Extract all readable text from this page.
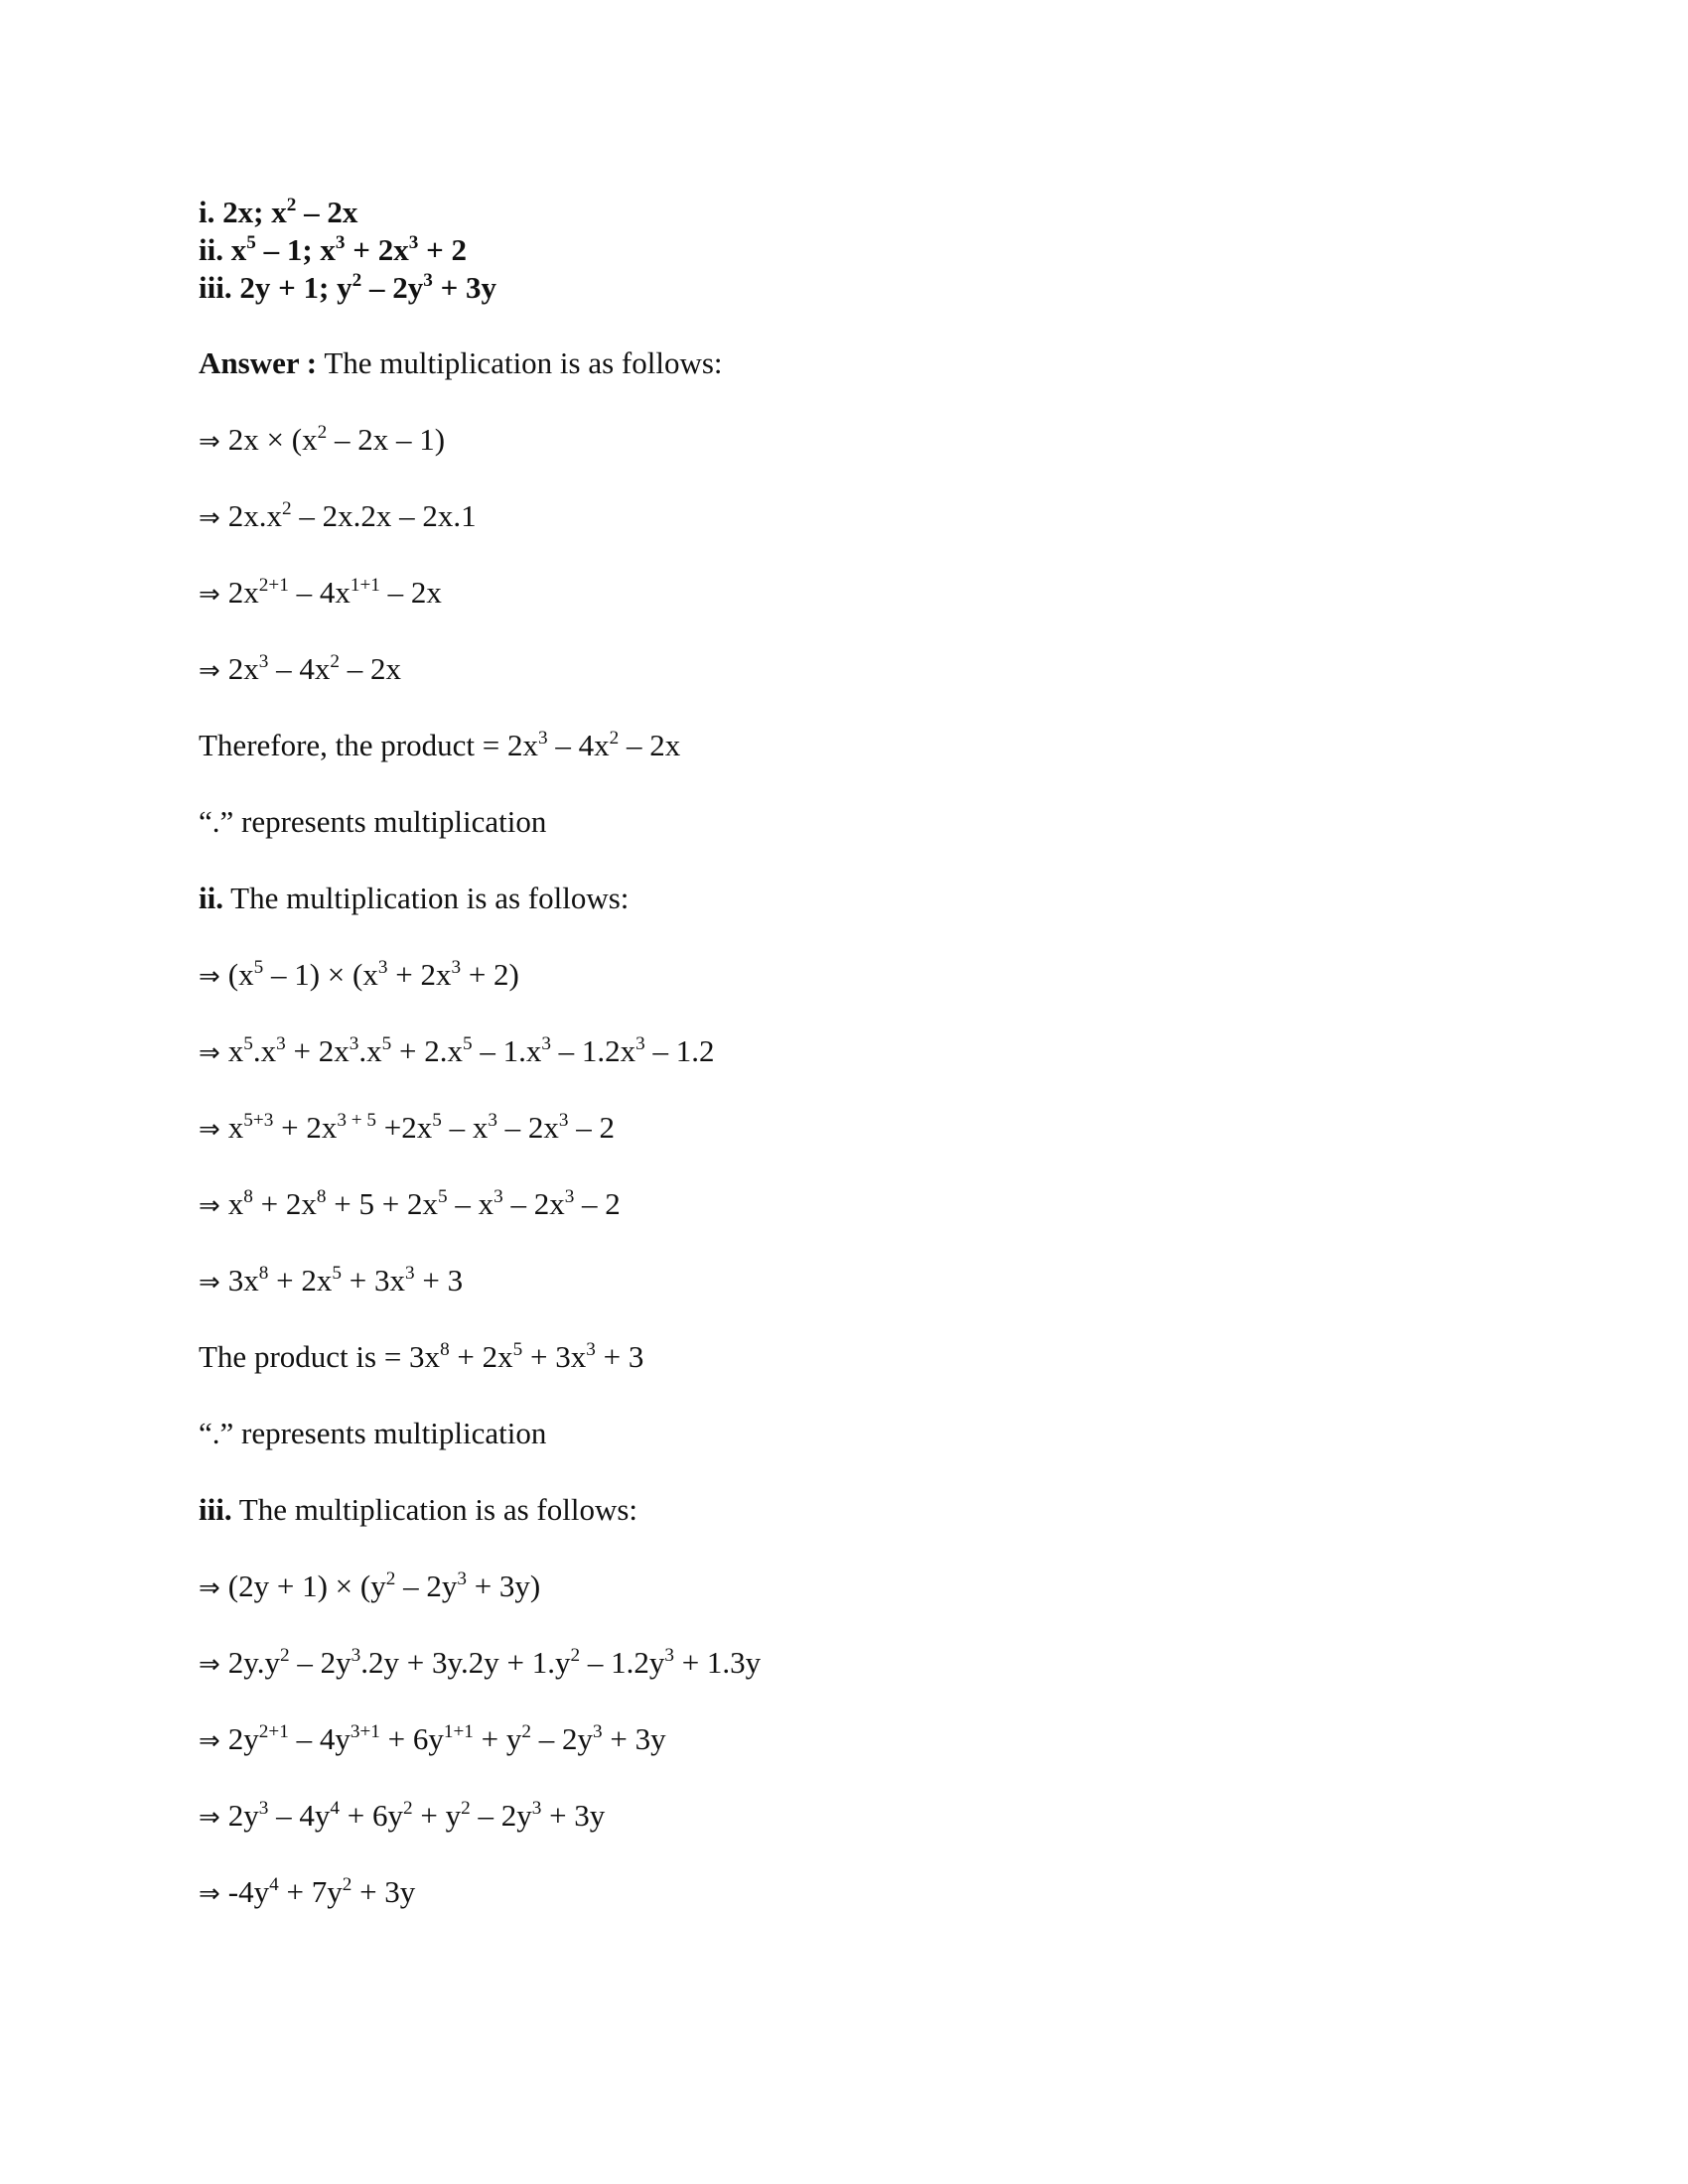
i. 2x; $x^2 - 2x$
ii. $x^5 - 1$; $x^3 + 2x^3 + 2$
iii. 2y + 1; $y^2 - 2y^3 + 3y$
Answer : The multiplication is as follows:
⇒ $2x \times (x^2 - 2x - 1)$
⇒ $2x.x^2 - 2x.2x - 2x.1$
⇒ $2x^{2+1} - 4x^{1+1} - 2x$
⇒ $2x^3 - 4x^2 - 2x$
Therefore, the product = $2x^3 - 4x^2 - 2x$
“.” represents multiplication
ii. The multiplication is as follows:
⇒ $(x^5 - 1) \times (x^3 + 2x^3 + 2)$
⇒ $x^5.x^3 + 2x^3.x^5 + 2.x^5 - 1.x^3 - 1.2x^3 - 1.2$
⇒ $x^{5+3} + 2x^{3 + 5} +2x^5 - x^3 - 2x^3 - 2$
⇒ $x^8 + 2x^8 + 5 + 2x^5 - x^3 - 2x^3 - 2$
⇒ $3x^8 + 2x^5 + 3x^3 + 3$
The product is = $3x^8 + 2x^5 + 3x^3 + 3$
“.” represents multiplication
iii. The multiplication is as follows:
⇒ $(2y + 1) \times (y^2 - 2y^3 + 3y)$
⇒ $2y.y^2 - 2y^3.2y + 3y.2y + 1.y^2 - 1.2y^3 + 1.3y$
⇒ $2y^{2+1} - 4y^{3+1} + 6y^{1+1} + y^2 - 2y^3 + 3y$
⇒ $2y^3 - 4y^4 + 6y^2 + y^2 - 2y^3 + 3y$
⇒ $-4y^4 + 7y^2 + 3y$
